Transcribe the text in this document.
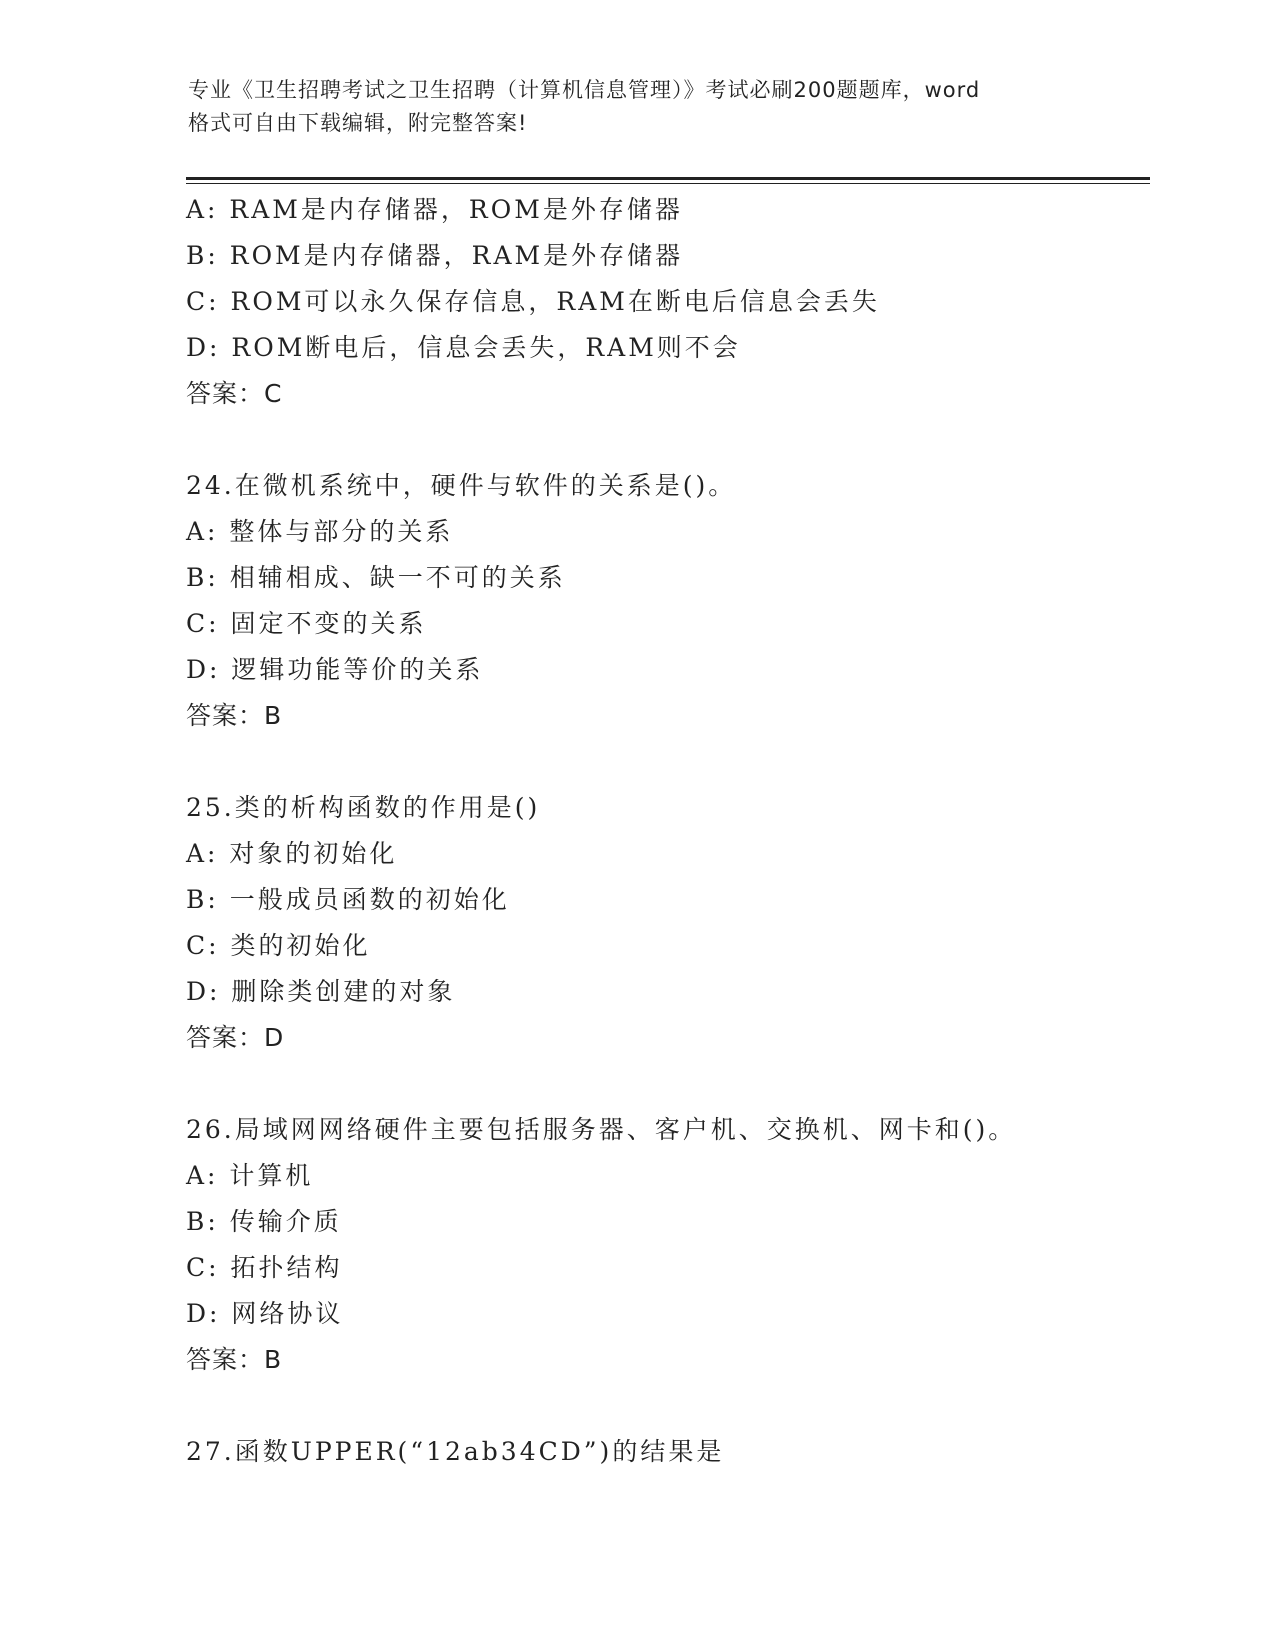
专业《卫生招聘考试之卫生招聘（计算机信息管理）》考试必刷200题题库，word
格式可自由下载编辑，附完整答案!
A: RAM是内存储器，ROM是外存储器
B: ROM是内存储器，RAM是外存储器
C: ROM可以永久保存信息，RAM在断电后信息会丢失
D: ROM断电后，信息会丢失，RAM则不会
答案：C
24.在微机系统中，硬件与软件的关系是()。
A: 整体与部分的关系
B: 相辅相成、缺一不可的关系
C: 固定不变的关系
D: 逻辑功能等价的关系
答案：B
25.类的析构函数的作用是()
A: 对象的初始化
B: 一般成员函数的初始化
C: 类的初始化
D: 删除类创建的对象
答案：D
26.局域网网络硬件主要包括服务器、客户机、交换机、网卡和()。
A: 计算机
B: 传输介质
C: 拓扑结构
D: 网络协议
答案：B
27.函数UPPER(“12ab34CD”)的结果是
